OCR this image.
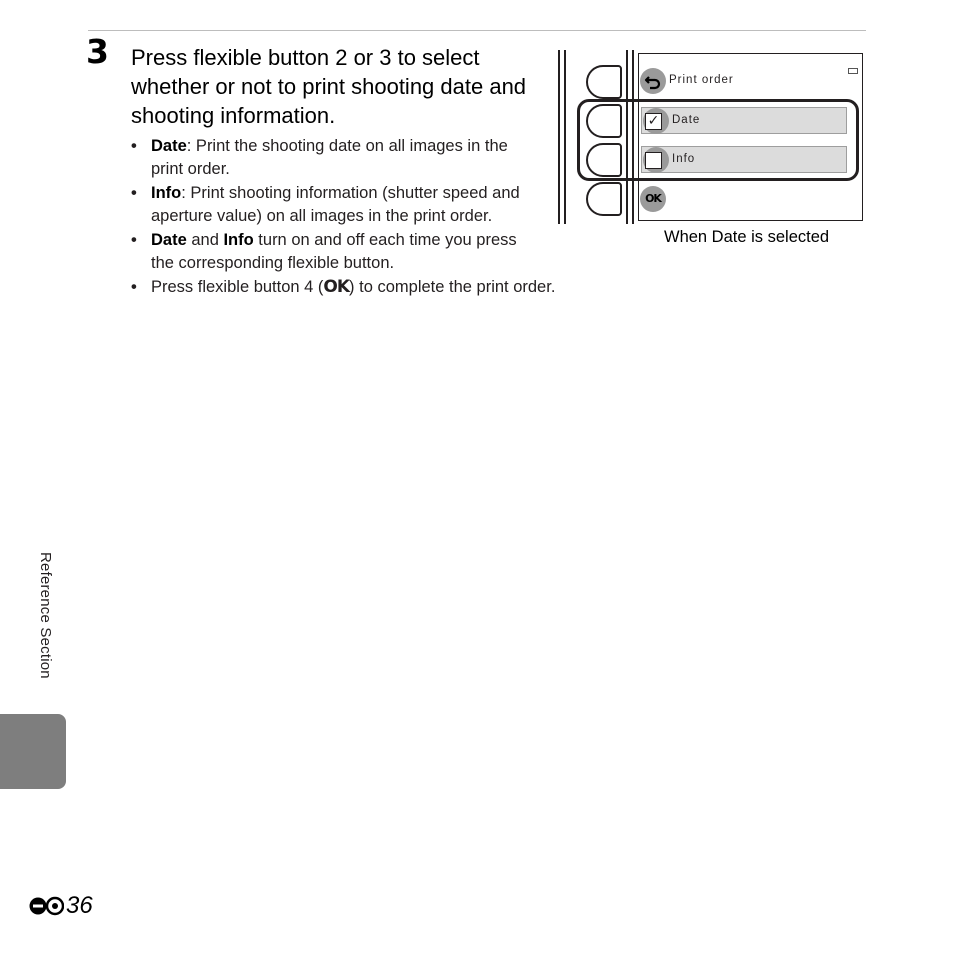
3 Press flexible button 2 or 3 to select whether or not to print shooting date and shooting information.
• Date: Print the shooting date on all images in the print order.
• Info: Print shooting information (shutter speed and aperture value) on all images in the print order.
• Date and Info turn on and off each time you press the corresponding flexible button.
• Press flexible button 4 (OK) to complete the print order.
Print order
✓ Date
Info
OK
When Date is selected
Reference Section
36
